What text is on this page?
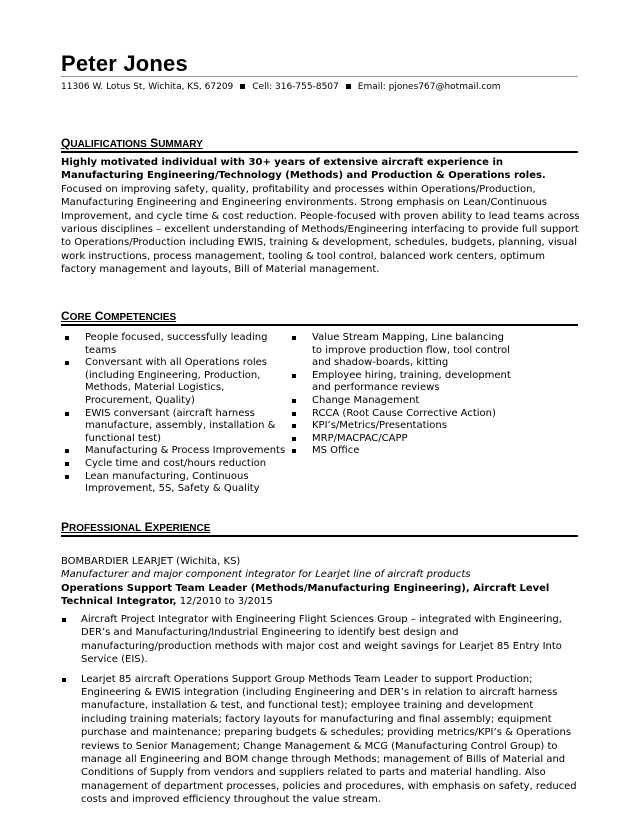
Peter Jones
11306 W. Lotus St, Wichita, KS, 67209 Cell: 316-755-8507 Email: pjones767@hotmail.com
QUALIFICATIONS SUMMARY
Highly motivated individual with 30+ years of extensive aircraft experience in Manufacturing Engineering/Technology (Methods) and Production & Operations roles.
Focused on improving safety, quality, profitability and processes within Operations/Production, Manufacturing Engineering and Engineering environments. Strong emphasis on Lean/Continuous Improvement, and cycle time & cost reduction. People-focused with proven ability to lead teams across various disciplines – excellent understanding of Methods/Engineering interfacing to provide full support to Operations/Production including EWIS, training & development, schedules, budgets, planning, visual work instructions, process management, tooling & tool control, balanced work centers, optimum factory management and layouts, Bill of Material management.
CORE COMPETENCIES
People focused, successfully leading teams
Conversant with all Operations roles (including Engineering, Production, Methods, Material Logistics, Procurement, Quality)
EWIS conversant (aircraft harness manufacture, assembly, installation & functional test)
Manufacturing & Process Improvements
Cycle time and cost/hours reduction
Lean manufacturing, Continuous Improvement, 5S, Safety & Quality
Value Stream Mapping, Line balancing to improve production flow, tool control and shadow-boards, kitting
Employee hiring, training, development and performance reviews
Change Management
RCCA (Root Cause Corrective Action)
KPI’s/Metrics/Presentations
MRP/MACPAC/CAPP
MS Office
PROFESSIONAL EXPERIENCE
BOMBARDIER LEARJET (Wichita, KS)
Manufacturer and major component integrator for Learjet line of aircraft products
Operations Support Team Leader (Methods/Manufacturing Engineering), Aircraft Level Technical Integrator, 12/2010 to 3/2015
Aircraft Project Integrator with Engineering Flight Sciences Group – integrated with Engineering, DER’s and Manufacturing/Industrial Engineering to identify best design and manufacturing/production methods with major cost and weight savings for Learjet 85 Entry Into Service (EIS).
Learjet 85 aircraft Operations Support Group Methods Team Leader to support Production; Engineering & EWIS integration (including Engineering and DER’s in relation to aircraft harness manufacture, installation & test, and functional test); employee training and development including training materials; factory layouts for manufacturing and final assembly; equipment purchase and maintenance; preparing budgets & schedules; providing metrics/KPI’s & Operations reviews to Senior Management; Change Management & MCG (Manufacturing Control Group) to manage all Engineering and BOM change through Methods; management of Bills of Material and Conditions of Supply from vendors and suppliers related to parts and material handling. Also management of department processes, policies and procedures, with emphasis on safety, reduced costs and improved efficiency throughout the value stream.
